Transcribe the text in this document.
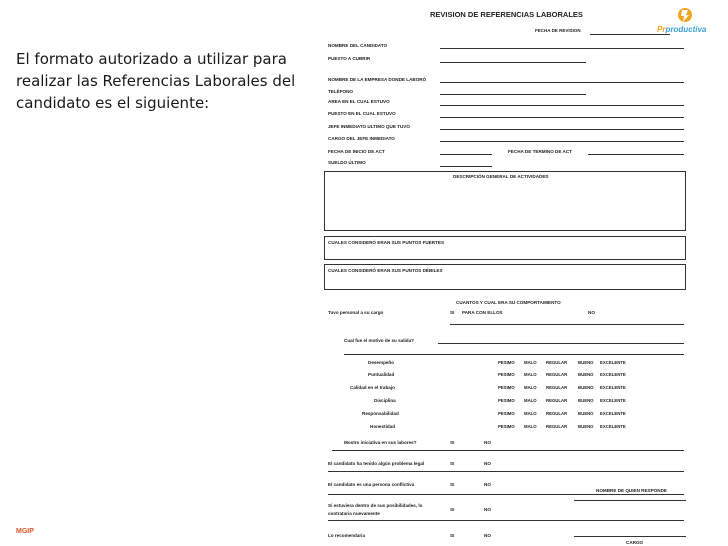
El formato autorizado a utilizar para realizar las Referencias Laborales del candidato es el siguiente:
MGIP
REVISION DE REFERENCIAS LABORALES
FECHA DE REVISION	Prproductiva
NOMBRE DEL CANDIDATO
PUESTO A CUBRIR
NOMBRE DE LA EMPRESA DONDE LABORÓ
TELÉFONO
AREA EN EL CUAL ESTUVO
PUESTO EN EL CUAL ESTUVO
JEFE INMEDIATO ULTIMO QUE TUVO
CARGO DEL JEFE INMEDIATO
FECHA DE INICIO DE ACT	FECHA DE TERMINO DE ACT
SUELDO ÚLTIMO
DESCRIPCIÓN GENERAL DE ACTIVIDADES
CUALES CONSIDERÓ ERAN SUS PUNTOS FUERTES
CUALES CONSIDERÓ ERAN SUS PUNTOS DÉBILES
CUANTOS Y CUAL ERA SU COMPORTAMIENTO
Tuvo personal a su cargo	SI PARA CON ELLOS	NO
Cual fue el motivo de su salida?
Desempeño	PESIMO MALO REGULAR	BUENO EXCELENTE
Puntualidad	PESIMO MALO REGULAR	BUENO EXCELENTE
Calidad en el trabajo	PESIMO MALO REGULAR	BUENO EXCELENTE
Disciplina	PESIMO MALO REGULAR	BUENO EXCELENTE
Responsabilidad	PESIMO MALO REGULAR	BUENO EXCELENTE
Honestidad	PESIMO MALO REGULAR	BUENO EXCELENTE
Mostro iniciativa en sus labores?	SI	NO
El candidato ha tenido algún problema legal	SI	NO
El candidato es una persona conflictiva	SI	NO
NOMBRE DE QUIEN RESPONDE
Si estuviera dentro de sus posibilidades, lo
contrataria nuevamente
SI	NO
Lo recomendaria	SI	NO
CARGO
